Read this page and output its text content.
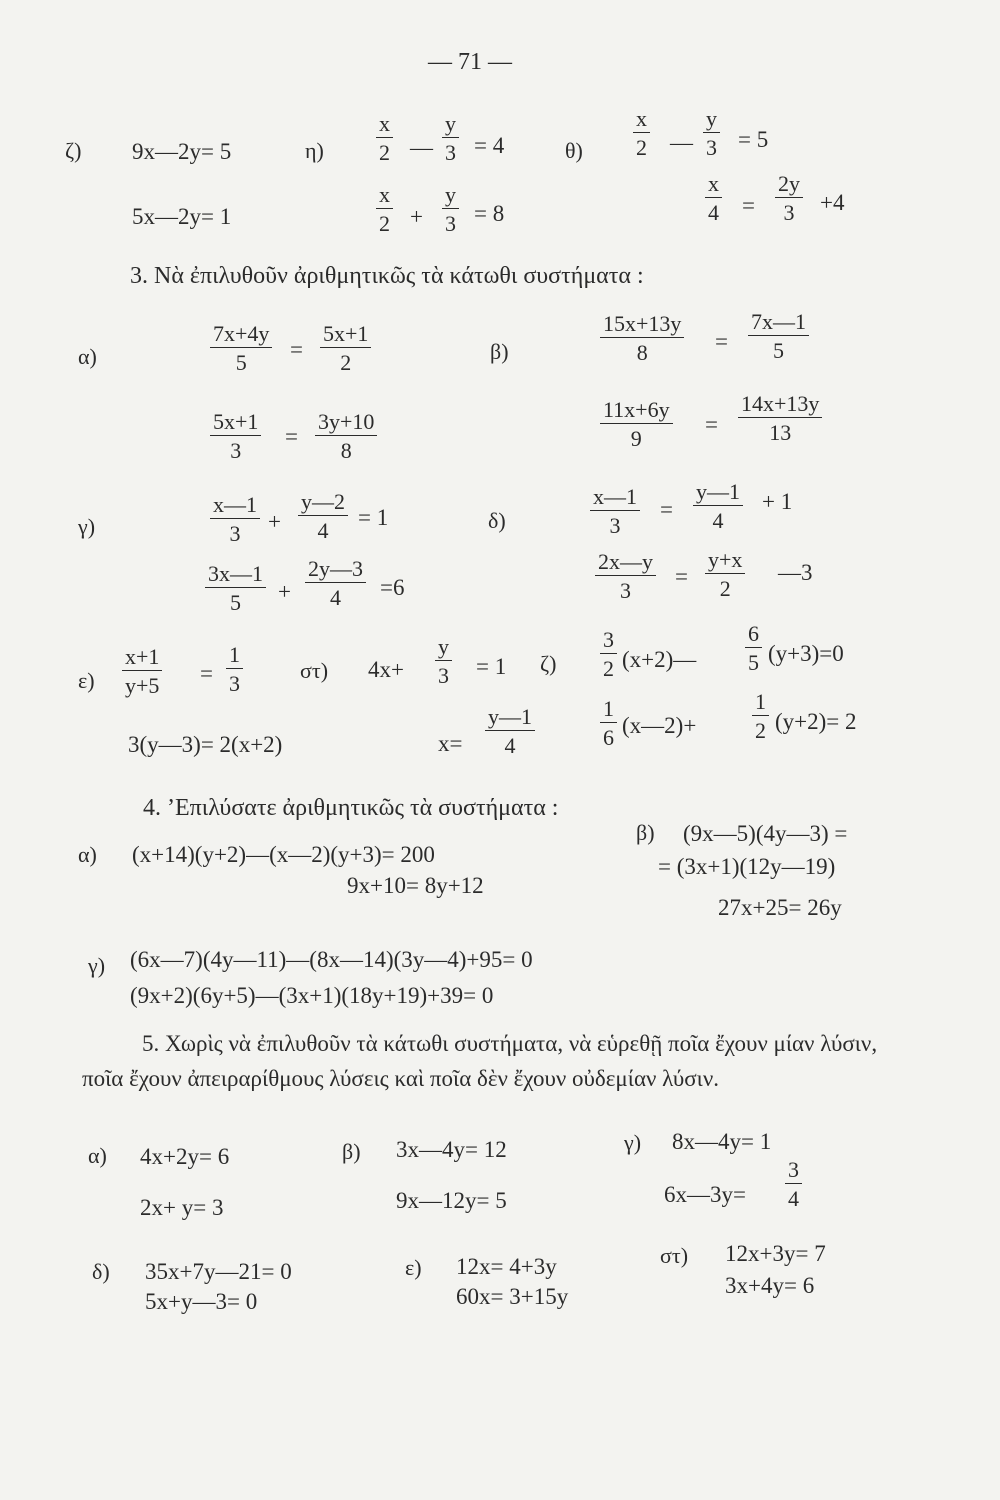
— 71 —
ζ) 9x—2y= 5
5x—2y= 1
$\eta) \frac{x}{2}$ — $\frac{y}{3} = 4$
$\frac{x}{2} + \frac{y}{3} = 8$
$\theta) \frac{x}{2}$ — $\frac{y}{3} = 5$
$\frac{x}{4} = \frac{2y}{3} +4$
3. Νὰ ἐπιλυθοῦν ἀριθμητικῶς τὰ κάτωθι συστήματα :
α)	$\frac{7x+4y}{5} = \frac{5x+1}{2}$
$\frac{5x+1}{3} = \frac{3y+10}{8}$
β)	$\frac{15x+13y}{8} = \frac{7x—1}{5}$
$\frac{11x+6y}{9} = \frac{14x+13y}{13}$
γ)	$\frac{x—1}{3} + \frac{y—2}{4} = 1$
$\frac{3x—1}{5} + \frac{2y—3}{4} =6$
δ)	$\frac{x—1}{3} = \frac{y—1}{4} + 1$
$\frac{2x—y}{3} = \frac{y+x}{2}$ —3
$\varepsilon) \frac{x+1}{y+5} = \frac{1}{3}$
3(y—3)= 2(x+2)
στ) $4x+ \frac{y}{3} = 1$
$x= \frac{y—1}{4}$
$\zeta) \frac{3}{2}$ (x+2)— $\frac{6}{5} (y+3)=0$
$\frac{1}{6}$ (x—2)+	$\frac{1}{2} (y+2)= 2$
4. ʼΕπιλύσατε ἀριθμητικῶς τὰ συστήματα :
α) (x+14)(y+2)—(x—2)(y+3)= 200
9x+10= 8y+12
β) (9x—5)(4y—3) =
= (3x+1)(12y—19)
27x+25= 26y
γ) (6x—7)(4y—11)—(8x—14)(3y—4)+95= 0
(9x+2)(6y+5)—(3x+1)(18y+19)+39= 0
5. Χωρὶς νὰ ἐπιλυθοῦν τὰ κάτωθι συστήματα, νὰ εὑρεθῇ ποῖα ἔχουν μίαν λύσιν, ποῖα ἔχουν ἀπειραρίθμους λύσεις καὶ ποῖα δὲν ἔχουν οὐδεμίαν λύσιν.
α) 4x+2y= 6
2x+ y= 3
β) 3x—4y= 12
9x—12y= 5
γ) 8x—4y= 1
6x—3y= $\frac{3}{4}$
δ) 35x+7y—21= 0
5x+y—3= 0
ε) 12x= 4+3y
60x= 3+15y
στ) 12x+3y= 7
3x+4y= 6
